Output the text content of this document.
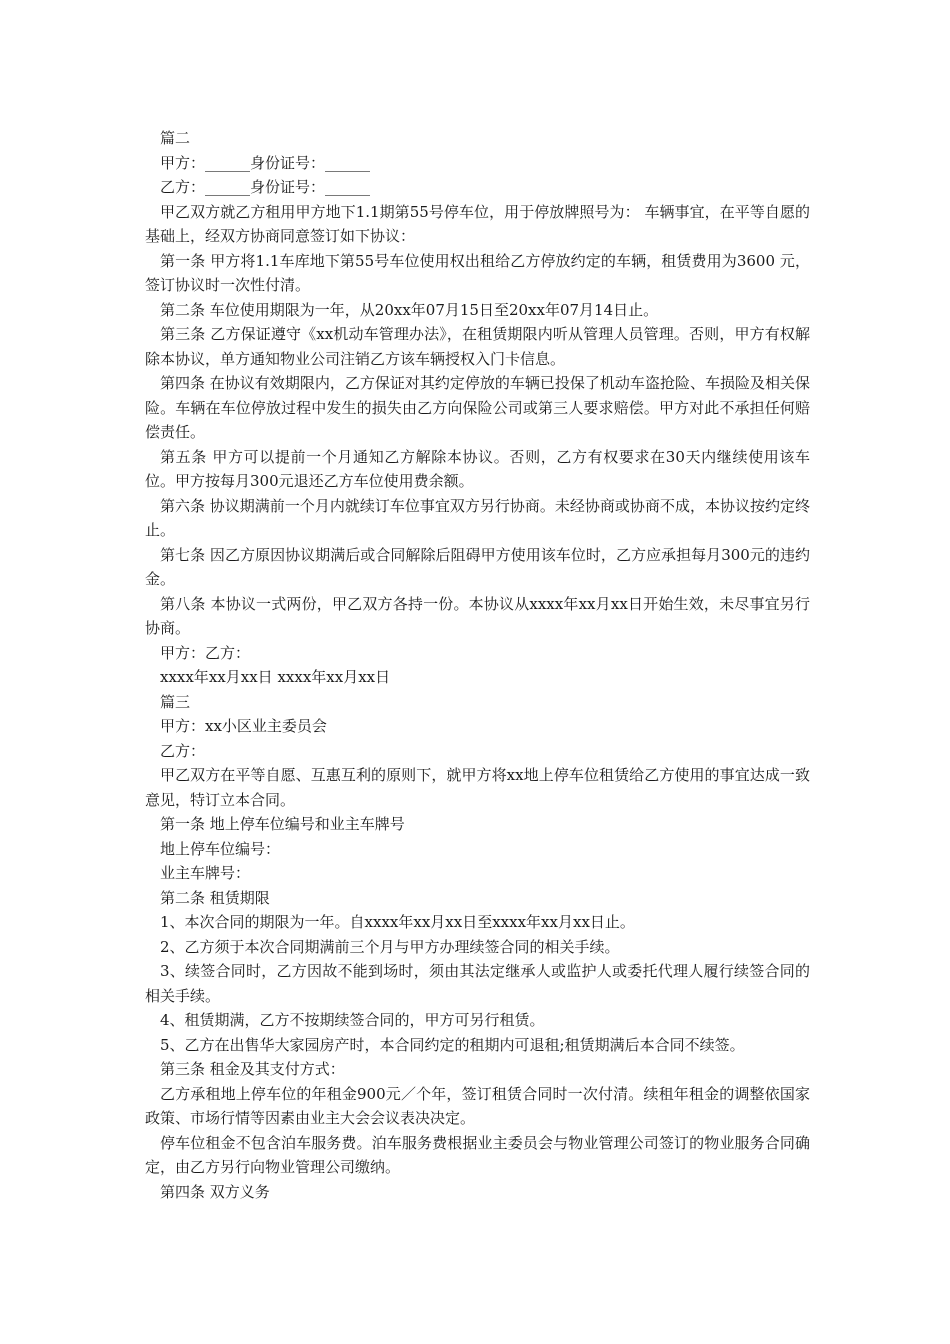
篇二

甲方：______身份证号：______

乙方：______身份证号：______

甲乙双方就乙方租用甲方地下1.1期第55号停车位，用于停放牌照号为： 车辆事宜，在平等自愿的基础上，经双方协商同意签订如下协议：

第一条 甲方将1.1车库地下第55号车位使用权出租给乙方停放约定的车辆，租赁费用为3600 元，签订协议时一次性付清。

第二条 车位使用期限为一年，从20xx年07月15日至20xx年07月14日止。

第三条 乙方保证遵守《xx机动车管理办法》，在租赁期限内听从管理人员管理。否则，甲方有权解除本协议，单方通知物业公司注销乙方该车辆授权入门卡信息。

第四条 在协议有效期限内，乙方保证对其约定停放的车辆已投保了机动车盗抢险、车损险及相关保险。车辆在车位停放过程中发生的损失由乙方向保险公司或第三人要求赔偿。甲方对此不承担任何赔偿责任。

第五条 甲方可以提前一个月通知乙方解除本协议。否则，乙方有权要求在30天内继续使用该车位。甲方按每月300元退还乙方车位使用费余额。

第六条 协议期满前一个月内就续订车位事宜双方另行协商。未经协商或协商不成，本协议按约定终止。

第七条 因乙方原因协议期满后或合同解除后阻碍甲方使用该车位时，乙方应承担每月300元的违约金。

第八条 本协议一式两份，甲乙双方各持一份。本协议从xxxx年xx月xx日开始生效，未尽事宜另行协商。

甲方：乙方：

xxxx年xx月xx日 xxxx年xx月xx日

篇三

甲方：xx小区业主委员会

乙方：

甲乙双方在平等自愿、互惠互利的原则下，就甲方将xx地上停车位租赁给乙方使用的事宜达成一致意见，特订立本合同。

第一条 地上停车位编号和业主车牌号

地上停车位编号：

业主车牌号：

第二条 租赁期限

1、本次合同的期限为一年。自xxxx年xx月xx日至xxxx年xx月xx日止。

2、乙方须于本次合同期满前三个月与甲方办理续签合同的相关手续。

3、续签合同时，乙方因故不能到场时，须由其法定继承人或监护人或委托代理人履行续签合同的相关手续。

4、租赁期满，乙方不按期续签合同的，甲方可另行租赁。

5、乙方在出售华大家园房产时，本合同约定的租期内可退租;租赁期满后本合同不续签。

第三条 租金及其支付方式：

乙方承租地上停车位的年租金900元／个年，签订租赁合同时一次付清。续租年租金的调整依国家政策、市场行情等因素由业主大会会议表决决定。

停车位租金不包含泊车服务费。泊车服务费根据业主委员会与物业管理公司签订的物业服务合同确定，由乙方另行向物业管理公司缴纳。

第四条 双方义务
